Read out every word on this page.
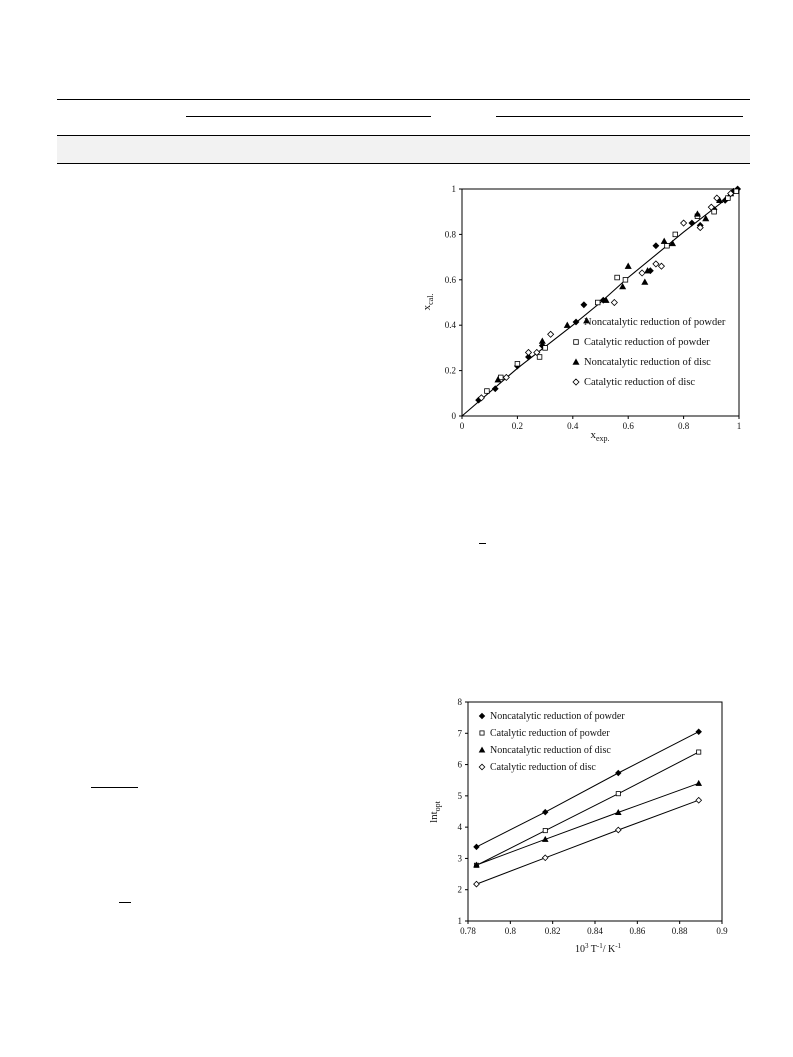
0	0.2	0.4	0.6	0.8	1
0
0.2
0.4
0.6
0.8
1
Noncatalytic reduction of powder
Catalytic reduction of powder
Noncatalytic reduction of disc
Catalytic reduction of disc
$x_{exp.}$
$x_{cal.}$
0.78	0.8	0.82	0.84	0.86	0.88	0.9
1
2
3
4
5
6
7
8
Noncatalytic reduction of powder
Catalytic reduction of powder
Noncatalytic reduction of disc
Catalytic reduction of disc
$10^3$ $T^{-1}/$ $K^{-1}$
lnt$_{opt}$
